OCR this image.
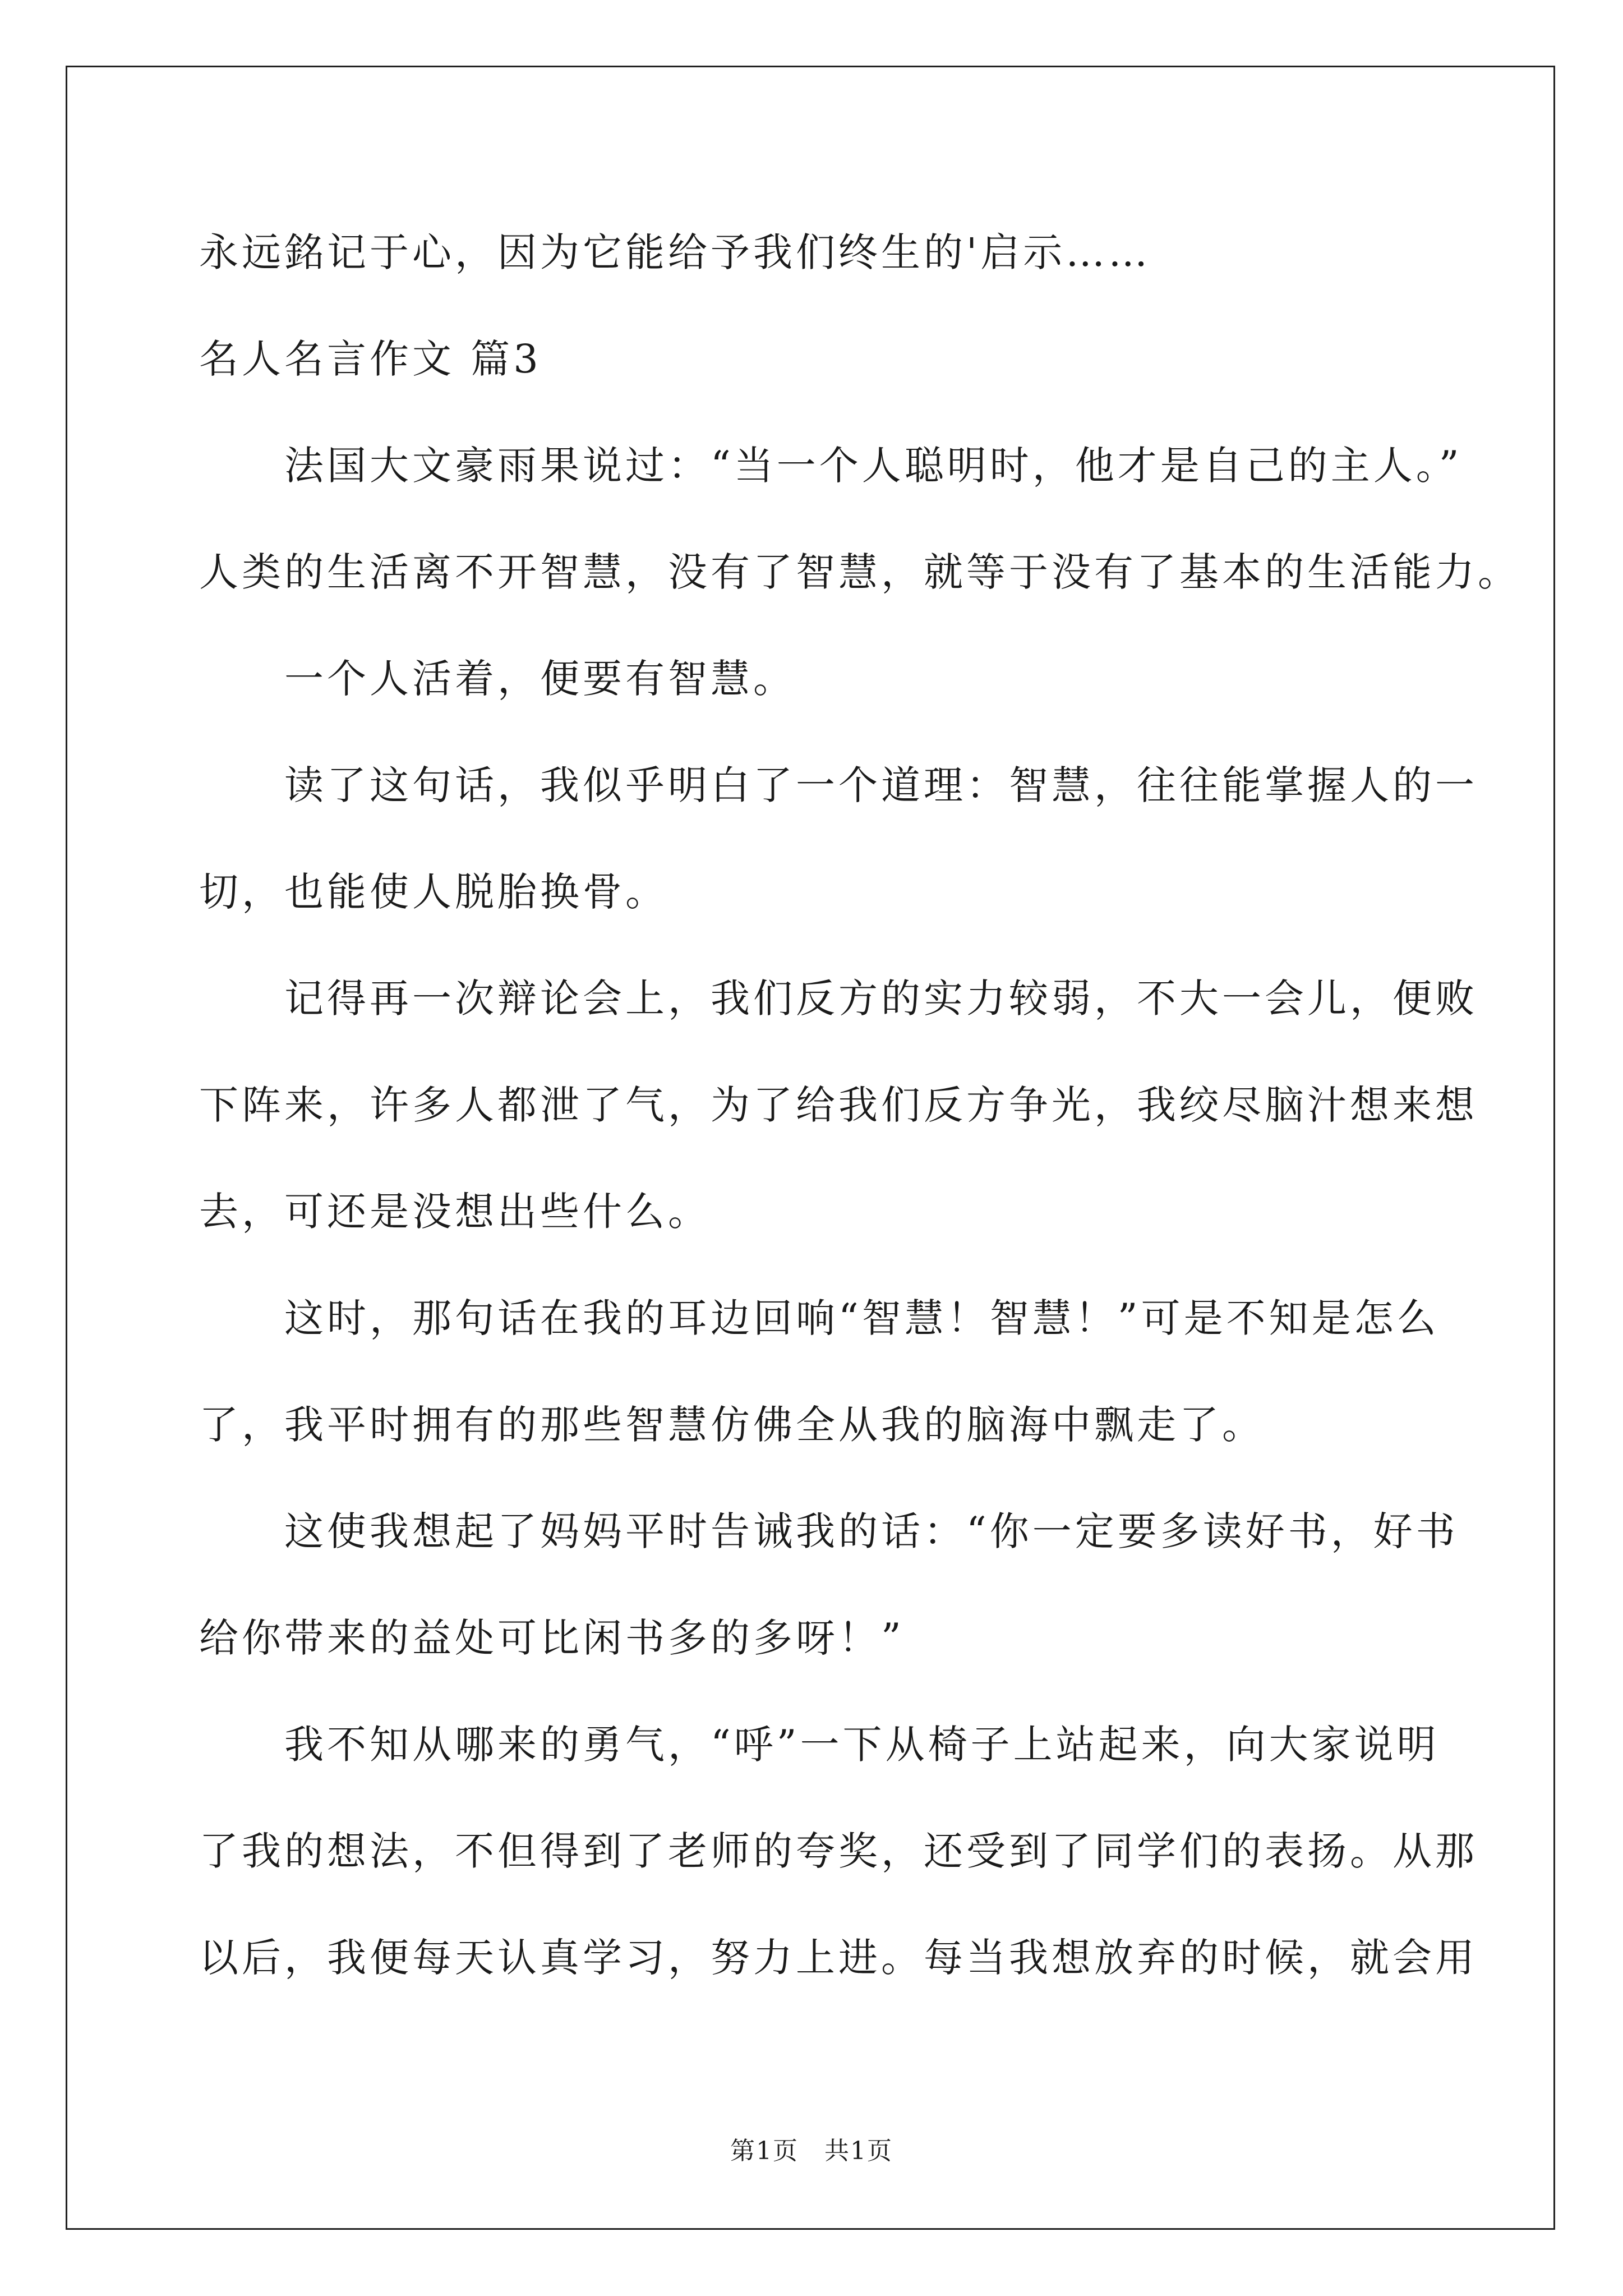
永远銘记于心，因为它能给予我们终生的'启示……
名人名言作文 篇3
　　法国大文豪雨果说过：“当一个人聪明时，他才是自己的主人。”
人类的生活离不开智慧，没有了智慧，就等于没有了基本的生活能力。
　　一个人活着，便要有智慧。
　　读了这句话，我似乎明白了一个道理：智慧，往往能掌握人的一
切，也能使人脱胎换骨。
　　记得再一次辩论会上，我们反方的实力较弱，不大一会儿，便败
下阵来，许多人都泄了气，为了给我们反方争光，我绞尽脑汁想来想
去，可还是没想出些什么。
　　这时，那句话在我的耳边回响“智慧！智慧！”可是不知是怎么
了，我平时拥有的那些智慧仿佛全从我的脑海中飘走了。
　　这使我想起了妈妈平时告诫我的话：“你一定要多读好书，好书
给你带来的益处可比闲书多的多呀！”
　　我不知从哪来的勇气，“呼”一下从椅子上站起来，向大家说明
了我的想法，不但得到了老师的夸奖，还受到了同学们的表扬。从那
以后，我便每天认真学习，努力上进。每当我想放弃的时候，就会用
第1页　共1页
